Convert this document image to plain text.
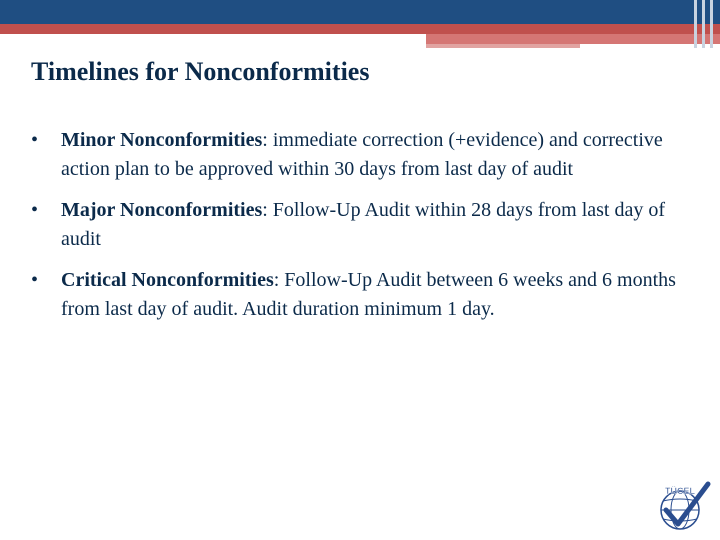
Timelines for Nonconformities
•	Minor Nonconformities: immediate correction (+evidence) and corrective action plan to be approved within 30 days from last day of audit
•	Major Nonconformities: Follow-Up Audit within 28 days from last day of audit
•	Critical Nonconformities: Follow-Up Audit between 6 weeks and 6 months from last day of audit. Audit duration minimum 1 day.
TÜCEL
